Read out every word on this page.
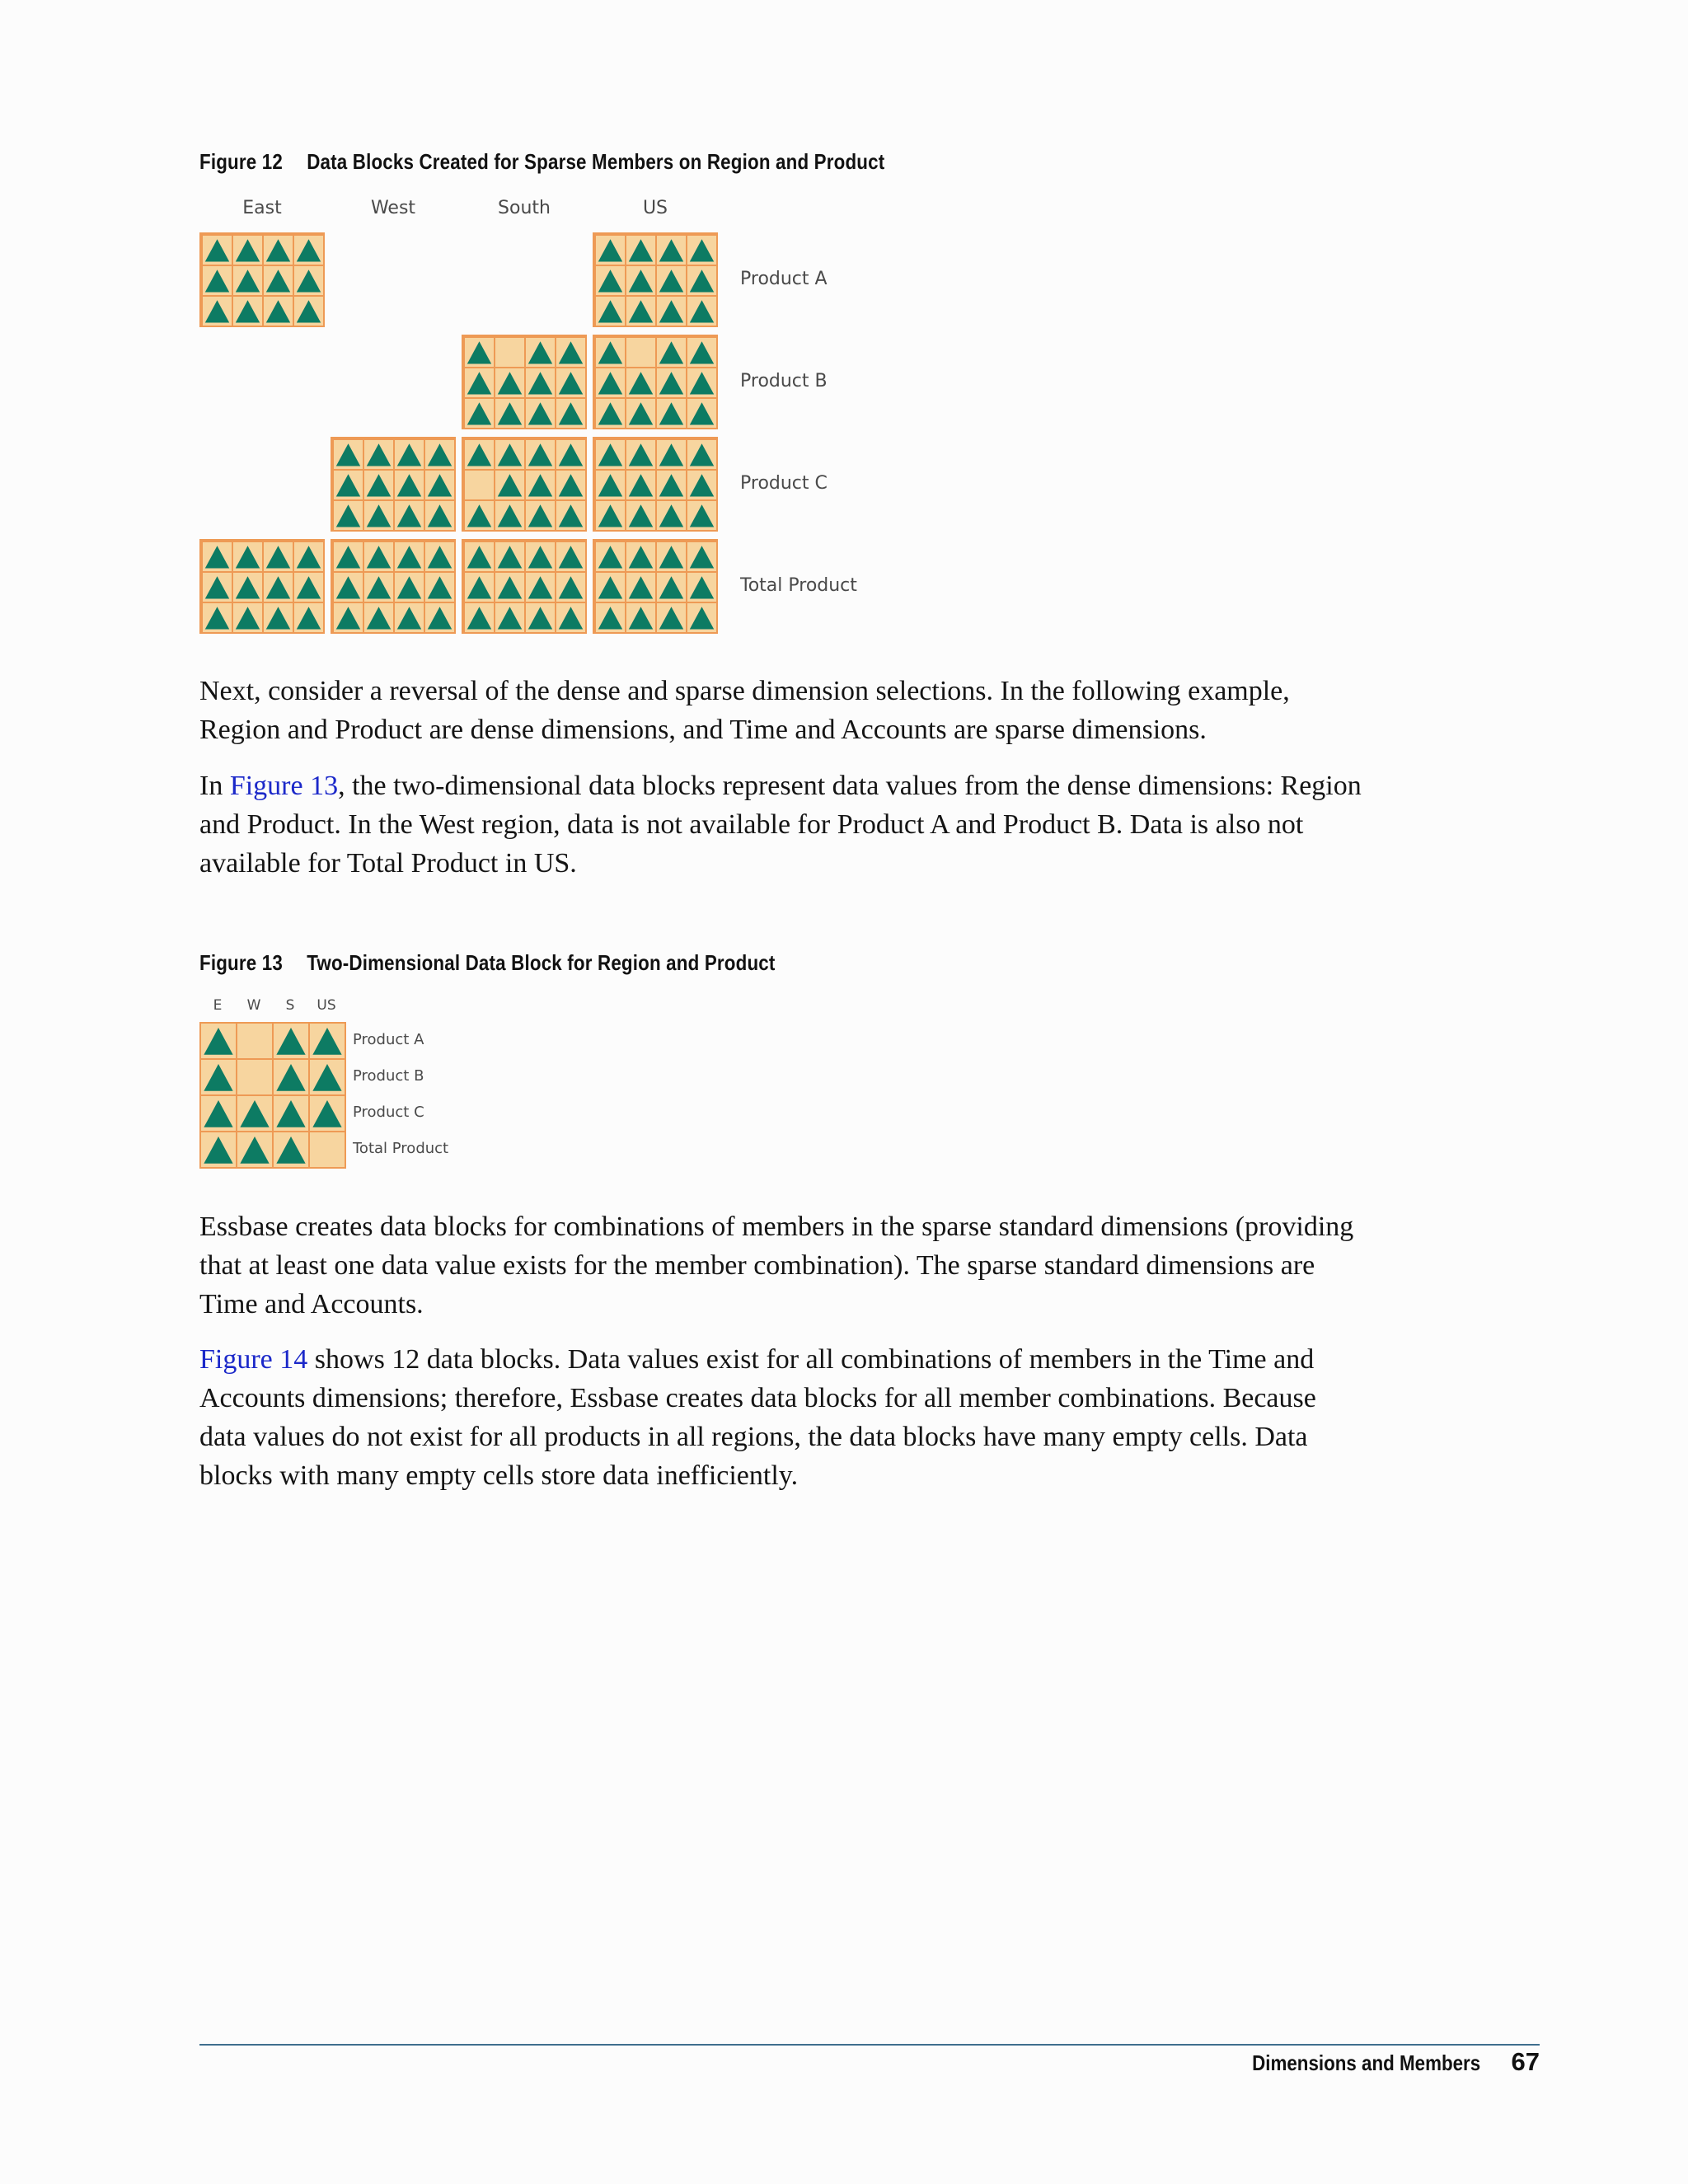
Figure 12 Data Blocks Created for Sparse Members on Region and Product
East	West	South	US
Product A
Product B
Product C
Total Product

Next, consider a reversal of the dense and sparse dimension selections. In the following example, Region and Product are dense dimensions, and Time and Accounts are sparse dimensions.

In Figure 13, the two-dimensional data blocks represent data values from the dense dimensions: Region and Product. In the West region, data is not available for Product A and Product B. Data is also not available for Total Product in US.

Figure 13 Two-Dimensional Data Block for Region and Product
E	W	S	US
Product A
Product B
Product C
Total Product

Essbase creates data blocks for combinations of members in the sparse standard dimensions (providing that at least one data value exists for the member combination). The sparse standard dimensions are Time and Accounts.

Figure 14 shows 12 data blocks. Data values exist for all combinations of members in the Time and Accounts dimensions; therefore, Essbase creates data blocks for all member combinations. Because data values do not exist for all products in all regions, the data blocks have many empty cells. Data blocks with many empty cells store data inefficiently.

Dimensions and Members 67
